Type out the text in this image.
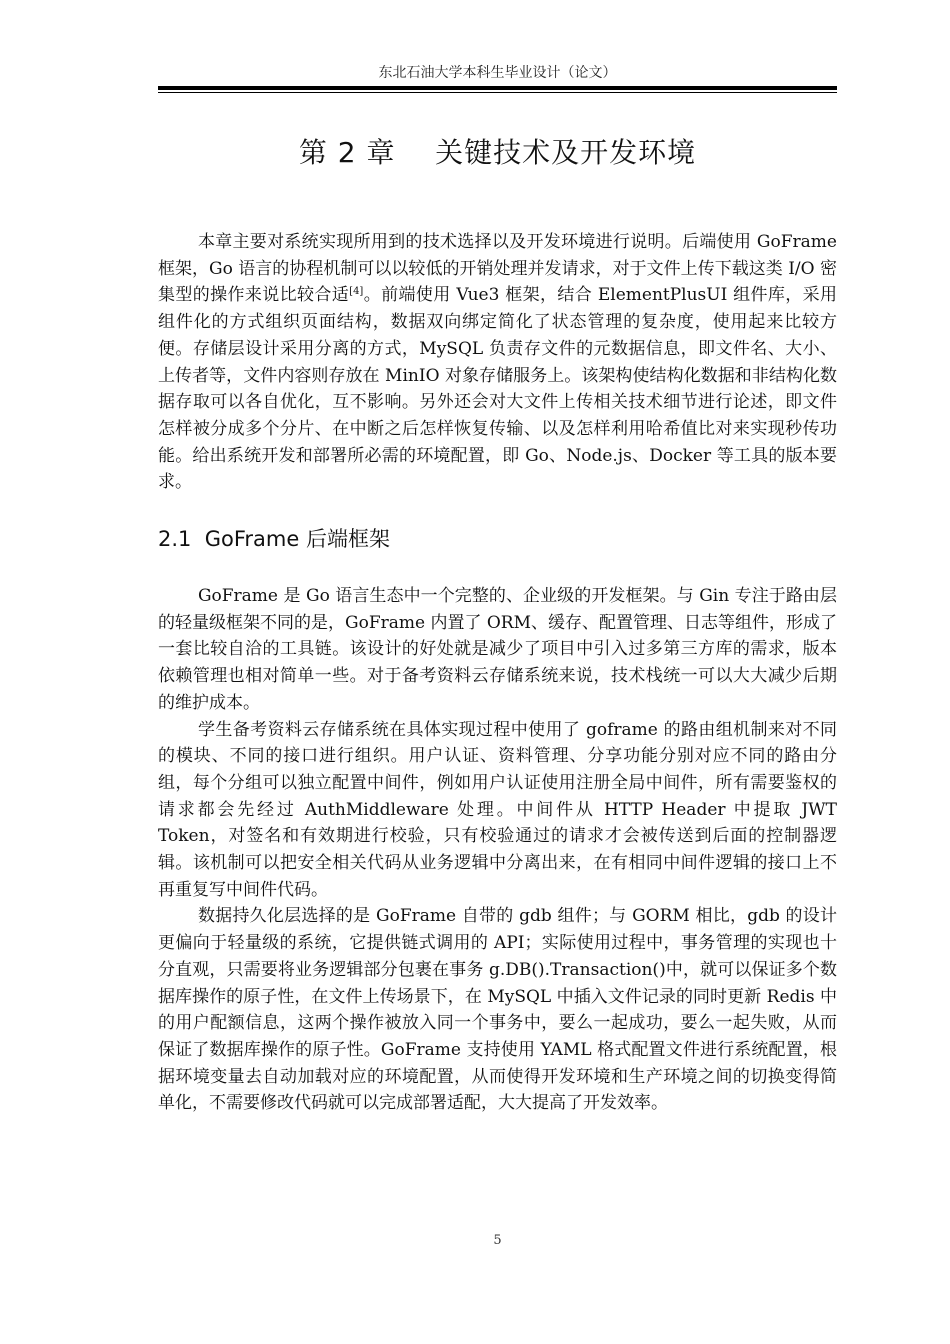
东北石油大学本科生毕业设计（论文）
第 2 章    关键技术及开发环境

本章主要对系统实现所用到的技术选择以及开发环境进行说明。后端使用 GoFrame 框架，Go 语言的协程机制可以以较低的开销处理并发请求，对于文件上传下载这类 I/O 密集型的操作来说比较合适[4]。前端使用 Vue3 框架，结合 ElementPlusUI 组件库，采用组件化的方式组织页面结构，数据双向绑定简化了状态管理的复杂度，使用起来比较方便。存储层设计采用分离的方式，MySQL 负责存文件的元数据信息，即文件名、大小、上传者等，文件内容则存放在 MinIO 对象存储服务上。该架构使结构化数据和非结构化数据存取可以各自优化，互不影响。另外还会对大文件上传相关技术细节进行论述，即文件怎样被分成多个分片、在中断之后怎样恢复传输、以及怎样利用哈希值比对来实现秒传功能。给出系统开发和部署所必需的环境配置，即 Go、Node.js、Docker 等工具的版本要求。

2.1  GoFrame 后端框架

GoFrame 是 Go 语言生态中一个完整的、企业级的开发框架。与 Gin 专注于路由层的轻量级框架不同的是，GoFrame 内置了 ORM、缓存、配置管理、日志等组件，形成了一套比较自洽的工具链。该设计的好处就是减少了项目中引入过多第三方库的需求，版本依赖管理也相对简单一些。对于备考资料云存储系统来说，技术栈统一可以大大减少后期的维护成本。

学生备考资料云存储系统在具体实现过程中使用了 goframe 的路由组机制来对不同的模块、不同的接口进行组织。用户认证、资料管理、分享功能分别对应不同的路由分组，每个分组可以独立配置中间件，例如用户认证使用注册全局中间件，所有需要鉴权的请求都会先经过 AuthMiddleware 处理。中间件从 HTTP Header 中提取 JWT Token，对签名和有效期进行校验，只有校验通过的请求才会被传送到后面的控制器逻辑。该机制可以把安全相关代码从业务逻辑中分离出来，在有相同中间件逻辑的接口上不再重复写中间件代码。

数据持久化层选择的是 GoFrame 自带的 gdb 组件；与 GORM 相比，gdb 的设计更偏向于轻量级的系统，它提供链式调用的 API；实际使用过程中，事务管理的实现也十分直观，只需要将业务逻辑部分包裹在事务 g.DB().Transaction()中，就可以保证多个数据库操作的原子性，在文件上传场景下，在 MySQL 中插入文件记录的同时更新 Redis 中的用户配额信息，这两个操作被放入同一个事务中，要么一起成功，要么一起失败，从而保证了数据库操作的原子性。GoFrame 支持使用 YAML 格式配置文件进行系统配置，根据环境变量去自动加载对应的环境配置，从而使得开发环境和生产环境之间的切换变得简单化，不需要修改代码就可以完成部署适配，大大提高了开发效率。

5
